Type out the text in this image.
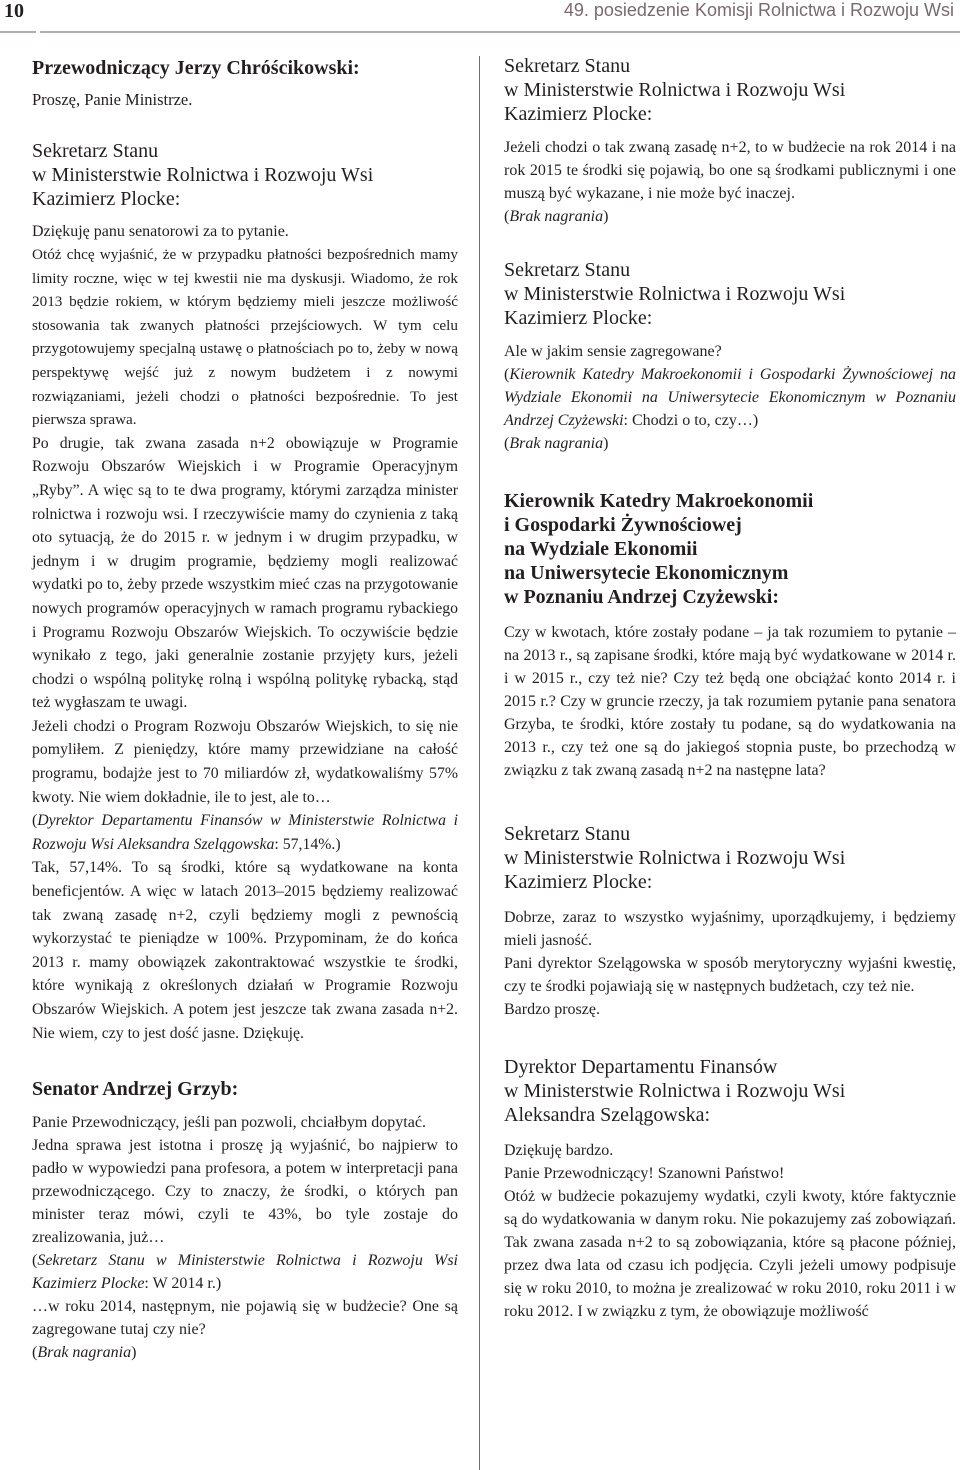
10	49. posiedzenie Komisji Rolnictwa i Rozwoju Wsi
Przewodniczący Jerzy Chróścikowski:

Proszę, Panie Ministrze.

Sekretarz Stanu
w Ministerstwie Rolnictwa i Rozwoju Wsi
Kazimierz Plocke:

Dziękuję panu senatorowi za to pytanie.

Otóż chcę wyjaśnić, że w przypadku płatności bezpośrednich mamy limity roczne, więc w tej kwestii nie ma dyskusji. Wiadomo, że rok 2013 będzie rokiem, w którym będziemy mieli jeszcze możliwość stosowania tak zwanych płatności przejściowych. W tym celu przygotowujemy specjalną ustawę o płatnościach po to, żeby w nową perspektywę wejść już z nowym budżetem i z nowymi rozwiązaniami, jeżeli chodzi o płatności bezpośrednie. To jest pierwsza sprawa.

Po drugie, tak zwana zasada n+2 obowiązuje w Programie Rozwoju Obszarów Wiejskich i w Programie Operacyjnym „Ryby”. A więc są to te dwa programy, którymi zarządza minister rolnictwa i rozwoju wsi. I rzeczywiście mamy do czynienia z taką oto sytuacją, że do 2015 r. w jednym i w drugim przypadku, w jednym i w drugim programie, będziemy mogli realizować wydatki po to, żeby przede wszystkim mieć czas na przygotowanie nowych programów operacyjnych w ramach programu rybackiego i Programu Rozwoju Obszarów Wiejskich. To oczywiście będzie wynikało z tego, jaki generalnie zostanie przyjęty kurs, jeżeli chodzi o wspólną politykę rolną i wspólną politykę rybacką, stąd też wygłaszam te uwagi.

Jeżeli chodzi o Program Rozwoju Obszarów Wiejskich, to się nie pomyliłem. Z pieniędzy, które mamy przewidziane na całość programu, bodajże jest to 70 miliardów zł, wydatkowaliśmy 57% kwoty. Nie wiem dokładnie, ile to jest, ale to…

(Dyrektor Departamentu Finansów w Ministerstwie Rolnictwa i Rozwoju Wsi Aleksandra Szelągowska: 57,14%.)

Tak, 57,14%. To są środki, które są wydatkowane na konta beneficjentów. A więc w latach 2013–2015 będziemy realizować tak zwaną zasadę n+2, czyli będziemy mogli z pewnością wykorzystać te pieniądze w 100%. Przypominam, że do końca 2013 r. mamy obowiązek zakontraktować wszystkie te środki, które wynikają z określonych działań w Programie Rozwoju Obszarów Wiejskich. A potem jest jeszcze tak zwana zasada n+2. Nie wiem, czy to jest dość jasne. Dziękuję.

Senator Andrzej Grzyb:

Panie Przewodniczący, jeśli pan pozwoli, chciałbym dopytać.

Jedna sprawa jest istotna i proszę ją wyjaśnić, bo najpierw to padło w wypowiedzi pana profesora, a potem w interpretacji pana przewodniczącego. Czy to znaczy, że środki, o których pan minister teraz mówi, czyli te 43%, bo tyle zostaje do zrealizowania, już…

(Sekretarz Stanu w Ministerstwie Rolnictwa i Rozwoju Wsi Kazimierz Plocke: W 2014 r.)

…w roku 2014, następnym, nie pojawią się w budżecie? One są zagregowane tutaj czy nie?

(Brak nagrania)

Sekretarz Stanu
w Ministerstwie Rolnictwa i Rozwoju Wsi
Kazimierz Plocke:

Jeżeli chodzi o tak zwaną zasadę n+2, to w budżecie na rok 2014 i na rok 2015 te środki się pojawią, bo one są środkami publicznymi i one muszą być wykazane, i nie może być inaczej.

(Brak nagrania)

Sekretarz Stanu
w Ministerstwie Rolnictwa i Rozwoju Wsi
Kazimierz Plocke:

Ale w jakim sensie zagregowane?

(Kierownik Katedry Makroekonomii i Gospodarki Żywnościowej na Wydziale Ekonomii na Uniwersytecie Ekonomicznym w Poznaniu Andrzej Czyżewski: Chodzi o to, czy…)

(Brak nagrania)

Kierownik Katedry Makroekonomii
i Gospodarki Żywnościowej
na Wydziale Ekonomii
na Uniwersytecie Ekonomicznym
w Poznaniu Andrzej Czyżewski:

Czy w kwotach, które zostały podane – ja tak rozumiem to pytanie – na 2013 r., są zapisane środki, które mają być wydatkowane w 2014 r. i w 2015 r., czy też nie? Czy też będą one obciążać konto 2014 r. i 2015 r.? Czy w gruncie rzeczy, ja tak rozumiem pytanie pana senatora Grzyba, te środki, które zostały tu podane, są do wydatkowania na 2013 r., czy też one są do jakiegoś stopnia puste, bo przechodzą w związku z tak zwaną zasadą n+2 na następne lata?

Sekretarz Stanu
w Ministerstwie Rolnictwa i Rozwoju Wsi
Kazimierz Plocke:

Dobrze, zaraz to wszystko wyjaśnimy, uporządkujemy, i będziemy mieli jasność.

Pani dyrektor Szelągowska w sposób merytoryczny wyjaśni kwestię, czy te środki pojawiają się w następnych budżetach, czy też nie.

Bardzo proszę.

Dyrektor Departamentu Finansów
w Ministerstwie Rolnictwa i Rozwoju Wsi
Aleksandra Szelągowska:

Dziękuję bardzo.

Panie Przewodniczący! Szanowni Państwo!

Otóż w budżecie pokazujemy wydatki, czyli kwoty, które faktycznie są do wydatkowania w danym roku. Nie pokazujemy zaś zobowiązań. Tak zwana zasada n+2 to są zobowiązania, które są płacone później, przez dwa lata od czasu ich podjęcia. Czyli jeżeli umowy podpisuje się w roku 2010, to można je zrealizować w roku 2010, roku 2011 i w roku 2012. I w związku z tym, że obowiązuje możliwość
